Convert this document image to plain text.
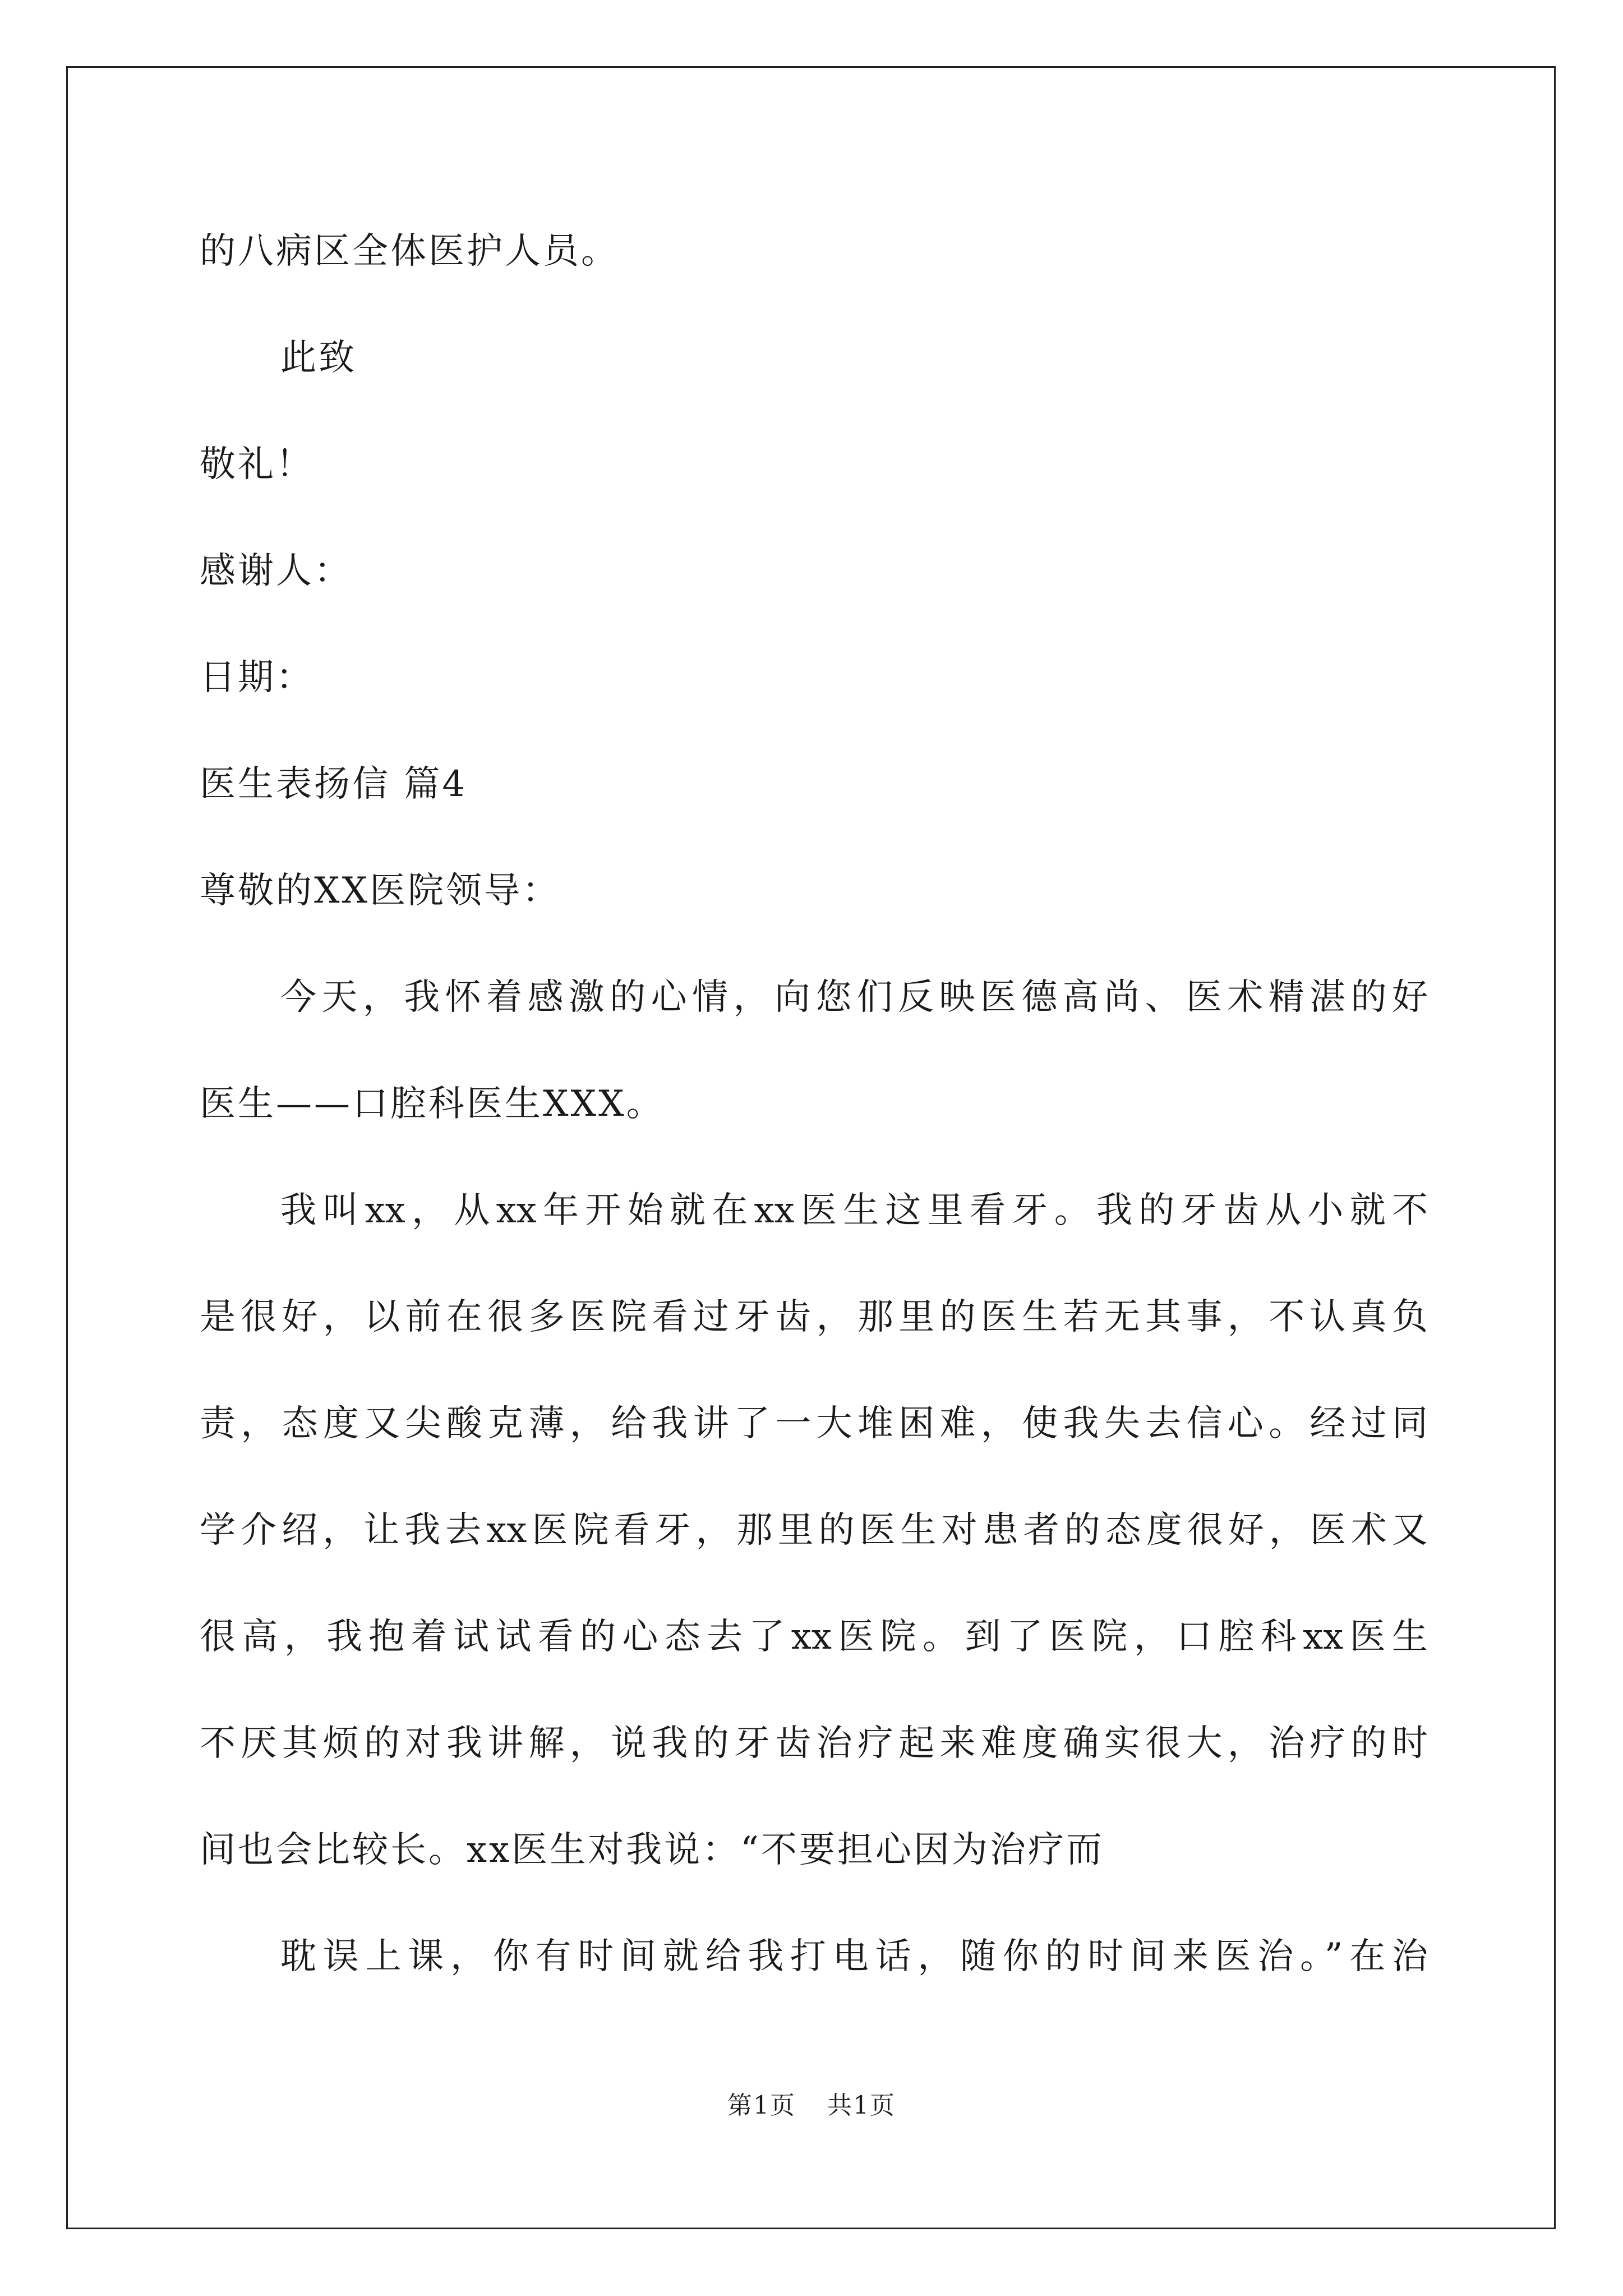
的八病区全体医护人员。
此致
敬礼！
感谢人：
日期：
医生表扬信 篇4
尊敬的XX医院领导：
今天，我怀着感激的心情，向您们反映医德高尚、医术精湛的好
医生——口腔科医生XXX。
我叫xx，从xx年开始就在xx医生这里看牙。我的牙齿从小就不
是很好，以前在很多医院看过牙齿，那里的医生若无其事，不认真负
责，态度又尖酸克薄，给我讲了一大堆困难，使我失去信心。经过同
学介绍，让我去xx医院看牙，那里的医生对患者的态度很好，医术又
很高，我抱着试试看的心态去了xx医院。到了医院，口腔科xx医生
不厌其烦的对我讲解，说我的牙齿治疗起来难度确实很大，治疗的时
间也会比较长。xx医生对我说：“不要担心因为治疗而
耽误上课，你有时间就给我打电话，随你的时间来医治。”在治
第1页 共1页
